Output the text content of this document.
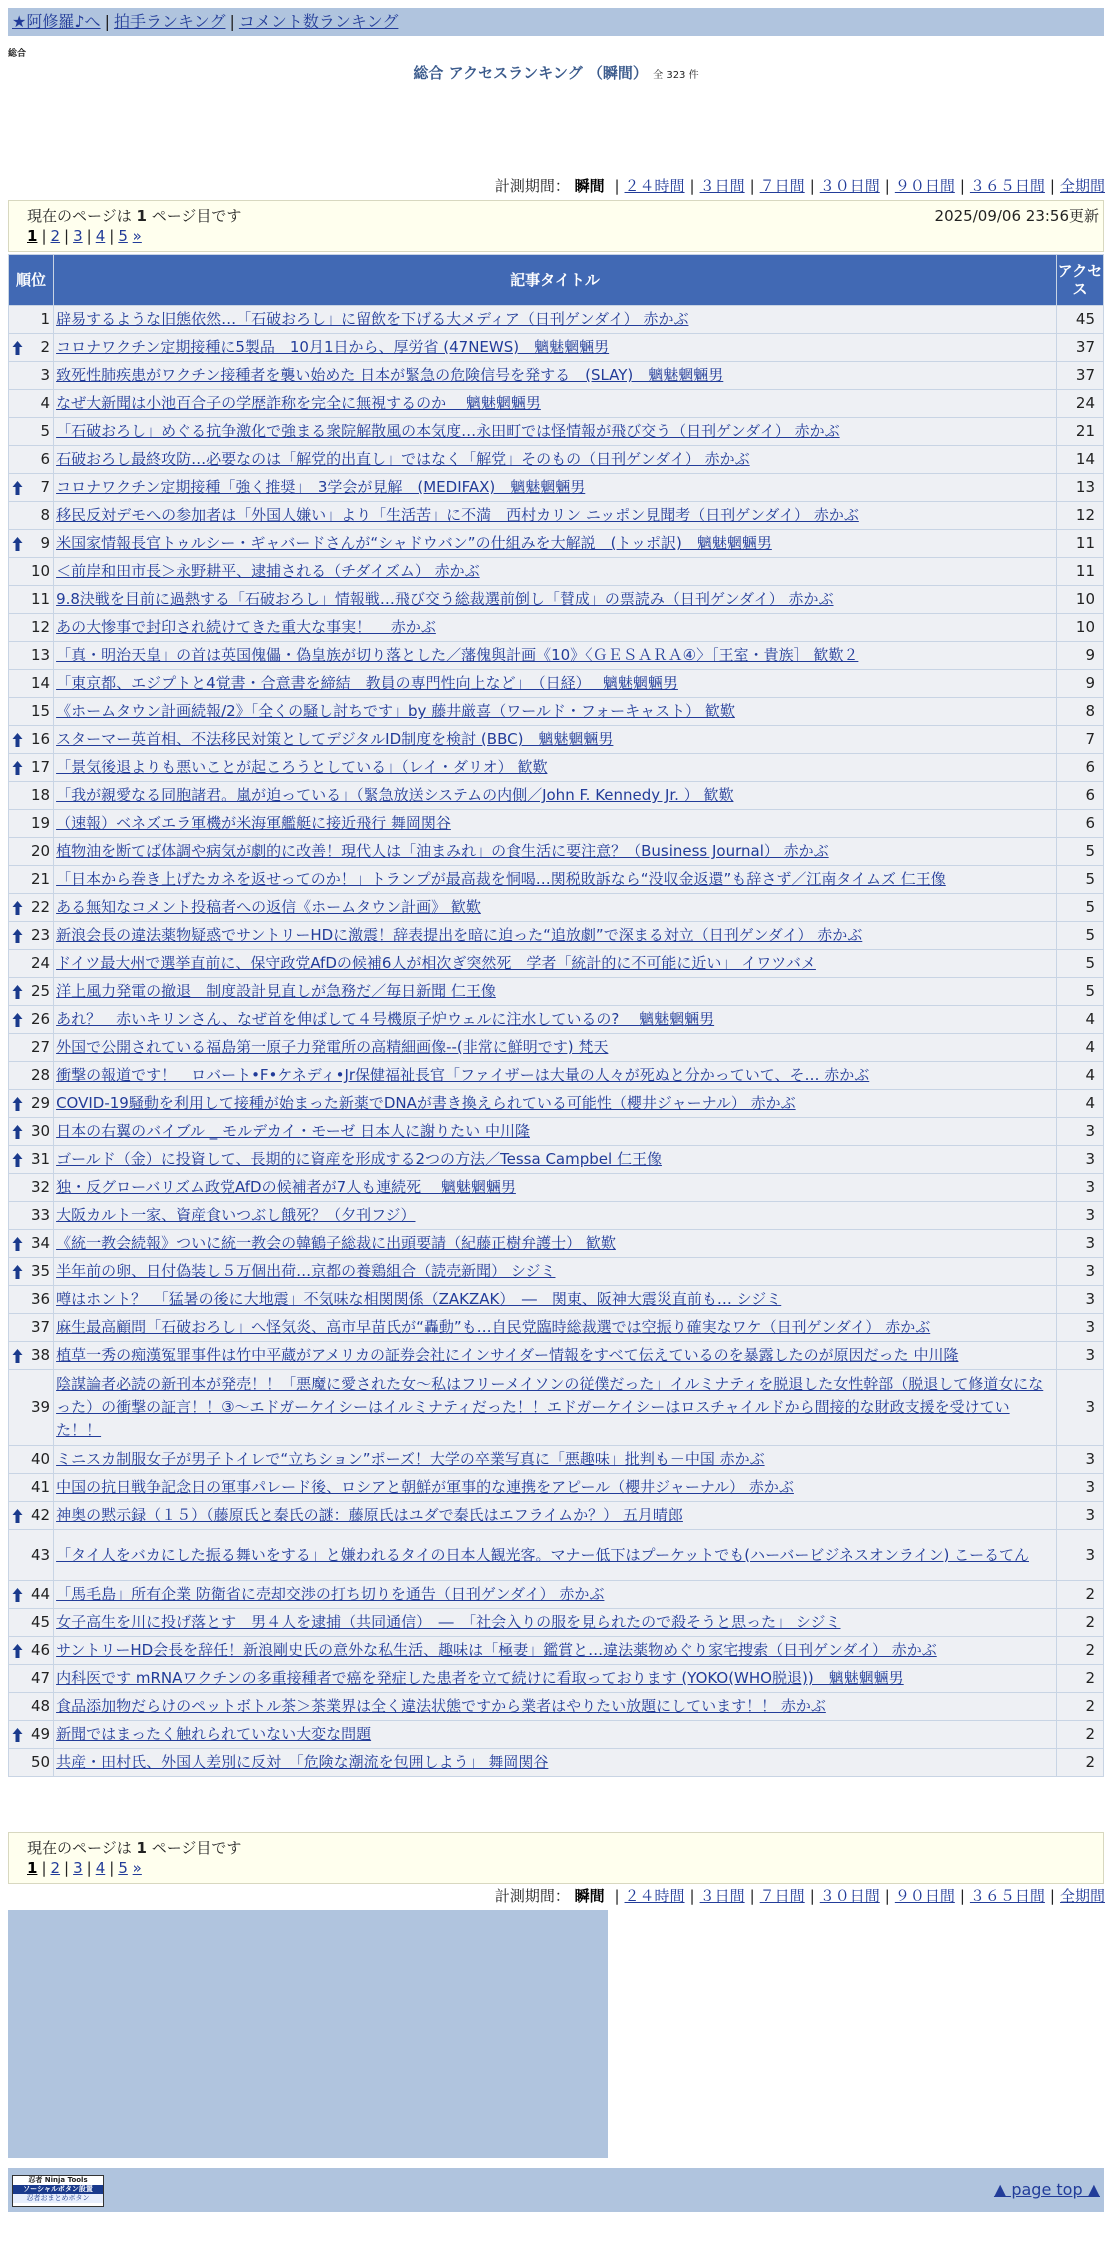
★阿修羅♪へ | 拍手ランキング | コメント数ランキング
総合
総合 アクセスランキング （瞬間） 全 323 件
計測期間： 瞬間 | ２４時間 | ３日間 | ７日間 | ３０日間 | ９０日間 | ３６５日間 | 全期間
現在のページは 1 ページ目です	2025/09/06 23:56更新
1 | 2 | 3 | 4 | 5 »
順位	記事タイトル	アクセス
1	辟易するような旧態依然…「石破おろし」に留飲を下げる大メディア（日刊ゲンダイ） 赤かぶ	45

2	コロナワクチン定期接種に5製品　10月1日から、厚労省 (47NEWS)　魑魅魍魎男	37
3	致死性肺疾患がワクチン接種者を襲い始めた 日本が緊急の危険信号を発する　(SLAY)　魑魅魍魎男	37
4	なぜ大新聞は小池百合子の学歴詐称を完全に無視するのか　 魑魅魍魎男	24
5	「石破おろし」めぐる抗争激化で強まる衆院解散風の本気度…永田町では怪情報が飛び交う（日刊ゲンダイ） 赤かぶ	21
6	石破おろし最終攻防…必要なのは「解党的出直し」ではなく「解党」そのもの（日刊ゲンダイ） 赤かぶ	14

7	コロナワクチン定期接種「強く推奨」　3学会が見解　(MEDIFAX)　魑魅魍魎男	13
8	移民反対デモへの参加者は「外国人嫌い」より「生活苦」に不満　西村カリン ニッポン見聞考（日刊ゲンダイ） 赤かぶ	12

9	米国家情報長官トゥルシー・ギャバードさんが“シャドウバン”の仕組みを大解説　(トッポ訳)　魑魅魍魎男	11
10	＜前岸和田市長＞永野耕平、逮捕される（チダイズム） 赤かぶ	11
11	9.8決戦を目前に過熱する「石破おろし」情報戦…飛び交う総裁選前倒し「賛成」の票読み（日刊ゲンダイ） 赤かぶ	10
12	あの大惨事で封印され続けてきた重大な事実！　 赤かぶ	10
13	「真・明治天皇」の首は英国傀儡・偽皇族が切り落とした／藩傀與計画《10》〈ＧＥＳＡＲＡ④〉［王室・貴族］ 歓歎２	9
14	「東京都、エジプトと4覚書・合意書を締結　教員の専門性向上など」　（日経）　 魑魅魍魎男	9
15	《ホームタウン計画続報/2》「全くの騒し討ちです」by 藤井厳喜（ワールド・フォーキャスト） 歓歎	8

16	スターマー英首相、不法移民対策としてデジタルID制度を検討 (BBC)　魑魅魍魎男	7

17	「景気後退よりも悪いことが起ころうとしている」（レイ・ダリオ） 歓歎	6
18	「我が親愛なる同胞諸君。嵐が迫っている」（緊急放送システムの内側／John F. Kennedy Jr. ） 歓歎	6
19	（速報）ベネズエラ軍機が米海軍艦艇に接近飛行 舞岡関谷	6
20	植物油を断てば体調や病気が劇的に改善！現代人は「油まみれ」の食生活に要注意？（Business Journal） 赤かぶ	5
21	「日本から巻き上げたカネを返せってのか！」トランプが最高裁を恫喝…関税敗訴なら“没収金返還”も辞さず／江南タイムズ 仁王像	5

22	ある無知なコメント投稿者への返信《ホームタウン計画》 歓歎	5

23	新浪会長の違法薬物疑惑でサントリーHDに激震！辞表提出を暗に迫った“追放劇”で深まる対立（日刊ゲンダイ） 赤かぶ	5
24	ドイツ最大州で選挙直前に、保守政党AfDの候補6人が相次ぎ突然死　学者「統計的に不可能に近い」 イワツバメ	5

25	洋上風力発電の撤退　制度設計見直しが急務だ／毎日新聞 仁王像	5

26	あれ？　赤いキリンさん、なぜ首を伸ばして４号機原子炉ウェルに注水しているの?　 魑魅魍魎男	4
27	外国で公開されている福島第一原子力発電所の高精細画像--(非常に鮮明です) 梵天	4
28	衝撃の報道です！　ロバート•F•ケネディ•Jr保健福祉長官「ファイザーは大量の人々が死ぬと分かっていて、そ… 赤かぶ	4

29	COVID-19騒動を利用して接種が始まった新薬でDNAが書き換えられている可能性（櫻井ジャーナル） 赤かぶ	4

30	日本の右翼のバイブル _ モルデカイ・モーゼ 日本人に謝りたい 中川隆	3

31	ゴールド（金）に投資して、長期的に資産を形成する2つの方法／Tessa Campbel 仁王像	3
32	独・反グローバリズム政党AfDの候補者が7人も連続死　 魑魅魍魎男	3
33	大阪カルト一家、資産食いつぶし餓死？（夕刊フジ）	3

34	《統一教会続報》ついに統一教会の韓鶴子総裁に出頭要請（紀藤正樹弁護士） 歓歎	3

35	半年前の卵、日付偽装し５万個出荷…京都の養鶏組合（読売新聞） シジミ	3
36	噂はホント？　「猛暑の後に大地震」不気味な相関関係（ZAKZAK）　―　関東、阪神大震災直前も… シジミ	3
37	麻生最高顧問「石破おろし」へ怪気炎、高市早苗氏が“轟動”も…自民党臨時総裁選では空振り確実なワケ（日刊ゲンダイ） 赤かぶ	3

38	植草一秀の痴漢冤罪事件は竹中平蔵がアメリカの証券会社にインサイダー情報をすべて伝えているのを暴露したのが原因だった 中川隆	3
39	陰謀論者必読の新刊本が発売！！「悪魔に愛された女～私はフリーメイソンの従僕だった」イルミナティを脱退した女性幹部（脱退して修道女になった）の衝撃の証言！！③～エドガーケイシーはイルミナティだった！！エドガーケイシーはロスチャイルドから間接的な財政支援を受けていた！！	3
40	ミニスカ制服女子が男子トイレで“立ちション”ポーズ！大学の卒業写真に「悪趣味」批判も－中国 赤かぶ	3
41	中国の抗日戦争記念日の軍事パレード後、ロシアと朝鮮が軍事的な連携をアピール（櫻井ジャーナル） 赤かぶ	3

42	神奥の黙示録（１５）（藤原氏と秦氏の謎：藤原氏はユダで秦氏はエフライムか？） 五月晴郎	3
43	「タイ人をバカにした振る舞いをする」と嫌われるタイの日本人観光客。マナー低下はプーケットでも(ハーバービジネスオンライン) こーるてん	3

44	「馬毛島」所有企業 防衛省に売却交渉の打ち切りを通告（日刊ゲンダイ） 赤かぶ	2
45	女子高生を川に投げ落とす　男４人を逮捕（共同通信）　―　「社会入りの服を見られたので殺そうと思った」 シジミ	2

46	サントリーHD会長を辞任！新浪剛史氏の意外な私生活、趣味は「極妻」鑑賞と…違法薬物めぐり家宅捜索（日刊ゲンダイ） 赤かぶ	2
47	内科医です mRNAワクチンの多重接種者で癌を発症した患者を立て続けに看取っております (YOKO(WHO脱退))　魑魅魍魎男	2
48	食品添加物だらけのペットボトル茶＞茶業界は全く違法状態ですから業者はやりたい放題にしています！！ 赤かぶ	2

49	新聞ではまったく触れられていない大変な問題	2
50	共産・田村氏、外国人差別に反対　「危険な潮流を包囲しよう」 舞岡関谷	2
現在のページは 1 ページ目です
1 | 2 | 3 | 4 | 5 »
計測期間： 瞬間 | ２４時間 | ３日間 | ７日間 | ３０日間 | ９０日間 | ３６５日間 | 全期間
忍者 Ninja Tools
ソーシャルボタン設置
忍者おまとめボタン	▲ page top ▲
